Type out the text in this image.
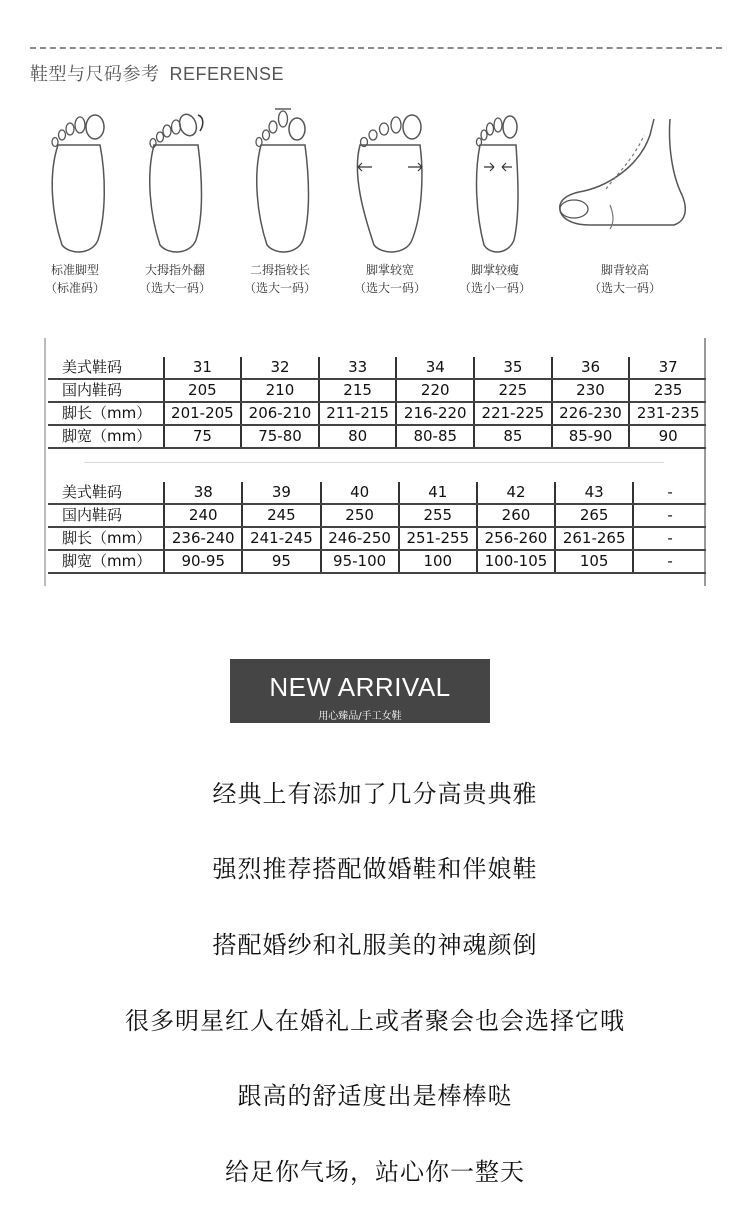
鞋型与尺码参考 REFERENSE
标准脚型
（标准码）
大拇指外翻
（选大一码）
二拇指较长
（选大一码）
脚掌较宽
（选大一码）
脚掌较瘦
（选小一码）
脚背较高
（选大一码）
美式鞋码	31	32	33	34	35	36	37
国内鞋码	205	210	215	220	225	230	235
脚长（mm）	201-205	206-210	211-215	216-220	221-225	226-230	231-235
脚宽（mm）	75	75-80	80	80-85	85	85-90	90
美式鞋码	38	39	40	41	42	43	-
国内鞋码	240	245	250	255	260	265	-
脚长（mm）	236-240	241-245	246-250	251-255	256-260	261-265	-
脚宽（mm）	90-95	95	95-100	100	100-105	105	-
NEW ARRIVAL
用心臻品/手工女鞋
经典上有添加了几分高贵典雅
强烈推荐搭配做婚鞋和伴娘鞋
搭配婚纱和礼服美的神魂颜倒
很多明星红人在婚礼上或者聚会也会选择它哦
跟高的舒适度出是棒棒哒
给足你气场，站心你一整天
